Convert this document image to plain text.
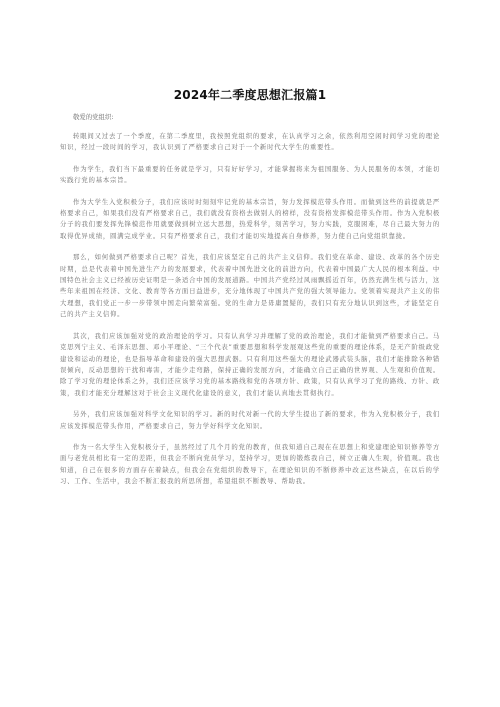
2024年二季度思想汇报篇1
敬爱的党组织:

转眼间又过去了一个季度，在第二季度里，我按照党组织的要求，在认真学习之余，依然利用空闲时间学习党的理论知识，经过一段时间的学习，我认识到了严格要求自己对于一个新时代大学生的重要性。

作为学生，我们当下最重要的任务就是学习，只有好好学习，才能掌握将来为祖国服务、为人民服务的本领，才能切实践行党的基本宗旨。

作为大学生入党积极分子，我们应该时时刻刻牢记党的基本宗旨，努力发挥模范带头作用。而做到这些的前提就是严格要求自己，如果我们没有严格要求自己，我们就没有资格去做别人的榜样，没有资格发挥模范带头作用。作为入党积极分子的我们要发挥先锋模范作用就要做到树立远大思想，热爱科学，刻苦学习，努力实践，克服困难，尽自己最大努力的取得优异成绩，圆满完成学业。只有严格要求自己，我们才能切实地提高自身修养，努力使自己向党组织靠拢。

那么，如何做到严格要求自己呢？首先，我们应该坚定自己的共产主义信仰。我们党在革命、建设、改革的各个历史时期，总是代表着中国先进生产力的发展要求，代表着中国先进文化的前进方向，代表着中国最广大人民的根本利益。中国特色社会主义已经被历史证明是一条适合中国的发展道路。中国共产党经过风雨飘摇近百年，仍然充满生机与活力，这些年来祖国在经济、文化、教育等各方面日益进步，充分地体现了中国共产党的强大领导能力。党领着实现共产主义的伟大理想，我们党正一步一步带领中国走向繁荣富强。党的生命力是毋庸置疑的，我们只有充分地认识到这些，才能坚定自己的共产主义信仰。

其次，我们应该加强对党的政治理论的学习。只有认真学习并理解了党的政治理论，我们才能做到严格要求自己。马克思列宁主义、毛泽东思想、邓小平理论、“三个代表”重要思想和科学发展观这些党的重要的理论体系，是无产阶级政党建设和运动的理论，也是指导革命和建设的强大思想武器。只有利用这些强大的理论武器武装头脑，我们才能排除各种错误倾向，反动思想的干扰和毒害，才能少走弯路，保持正确的发展方向，才能确立自己正确的世界观、人生观和价值观。除了学习党的理论体系之外，我们还应该学习党的基本路线和党的各项方针、政策，只有认真学习了党的路线、方针、政策，我们才能充分理解这对于社会主义现代化建设的意义，我们才能认真地去贯彻执行。

另外，我们应该加强对科学文化知识的学习。新的时代对新一代的大学生提出了新的要求，作为入党积极分子，我们应该发挥模范带头作用，严格要求自己，努力学好科学文化知识。

作为一名大学生入党积极分子，虽然经过了几个月的党的教育，但我知道自己现在在思想上和党建理论知识修养等方面与老党员相比有一定的差距，但我会不断向党员学习，坚持学习，更加的锻炼我自己，树立正确人生观，价值观。我也知道，自己在很多的方面存在着缺点，但我会在党组织的教导下，在理论知识的不断修养中改正这些缺点，在以后的学习、工作、生活中，我会不断汇报我的所思所想，希望组织不断教导、帮助我。
